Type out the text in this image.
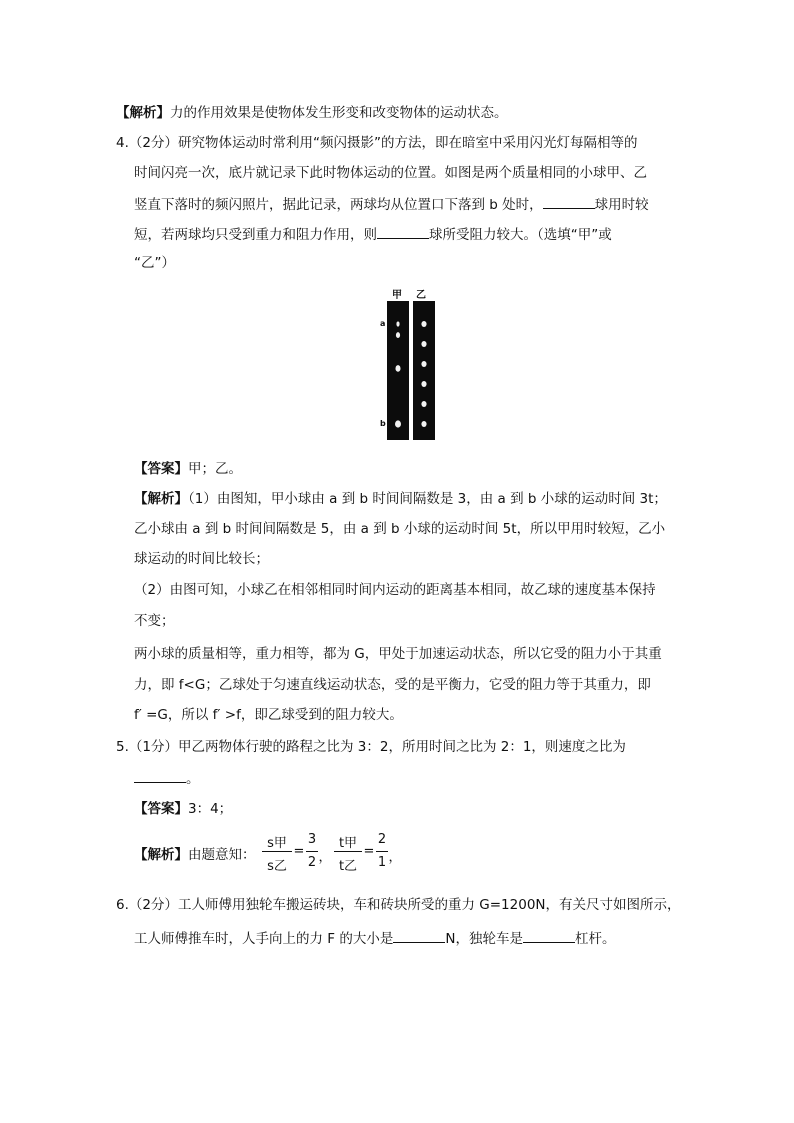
【解析】力的作用效果是使物体发生形变和改变物体的运动状态。
4.（2分）研究物体运动时常利用“频闪摄影”的方法，即在暗室中采用闪光灯每隔相等的
时间闪亮一次，底片就记录下此时物体运动的位置。如图是两个质量相同的小球甲、乙
竖直下落时的频闪照片，据此记录，两球均从位置口下落到 b 处时，	球用时较
短，若两球均只受到重力和阻力作用，则	球所受阻力较大。（选填“甲”或
“乙”）
甲 乙
a
b
【答案】甲；乙。
【解析】（1）由图知，甲小球由 a 到 b 时间间隔数是 3，由 a 到 b 小球的运动时间 3t；
乙小球由 a 到 b 时间间隔数是 5，由 a 到 b 小球的运动时间 5t，所以甲用时较短，乙小
球运动的时间比较长；
（2）由图可知，小球乙在相邻相同时间内运动的距离基本相同，故乙球的速度基本保持
不变；
两小球的质量相等，重力相等，都为 G，甲处于加速运动状态，所以它受的阻力小于其重
力，即 f<G；乙球处于匀速直线运动状态，受的是平衡力，它受的阻力等于其重力，即
f′ =G，所以 f′ >f，即乙球受到的阻力较大。
5.（1分）甲乙两物体行驶的路程之比为 3：2，所用时间之比为 2：1，则速度之比为
。
【答案】3：4；
【解析】由题意知：
s甲
s乙
=
3
2 ，
t甲
t乙
=
2
1 ，
6.（2分）工人师傅用独轮车搬运砖块，车和砖块所受的重力 G=1200N，有关尺寸如图所示，
工人师傅推车时，人手向上的力 F 的大小是	N，独轮车是	杠杆。
